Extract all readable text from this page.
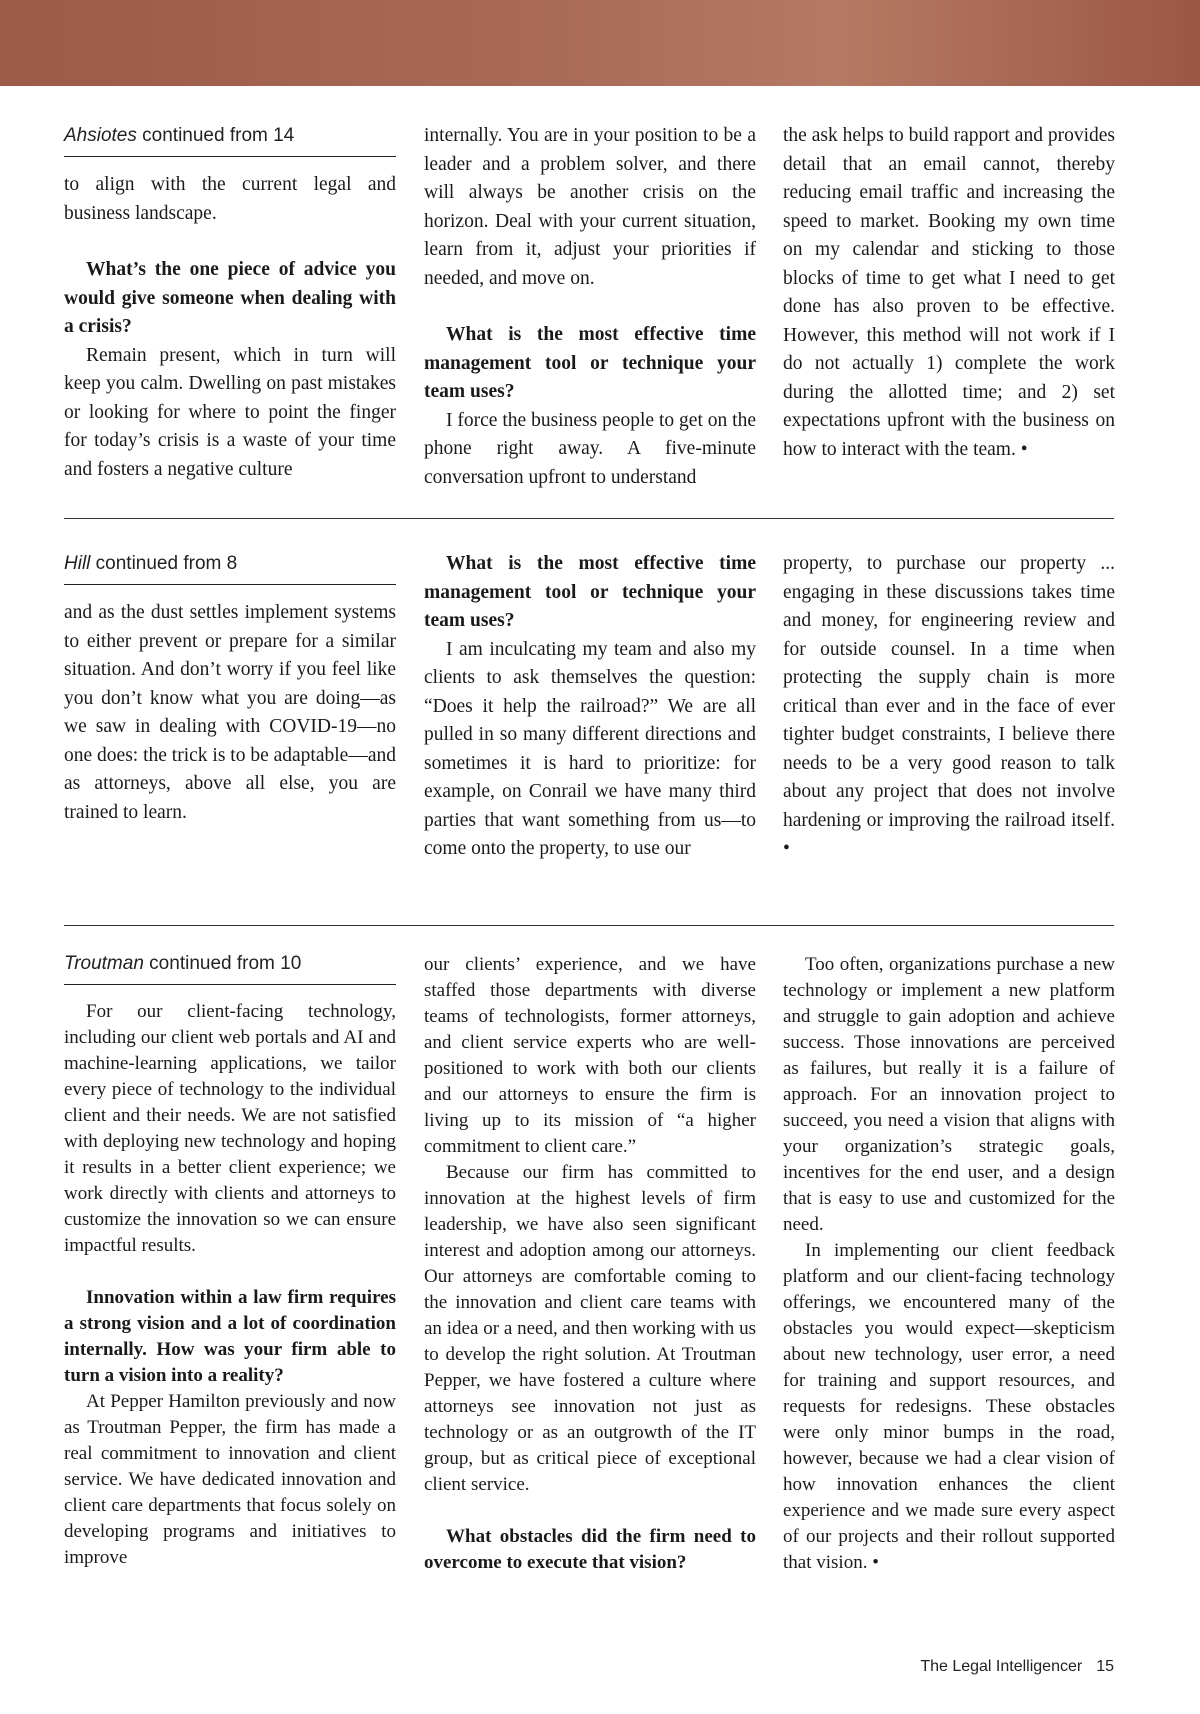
Ahsiotes continued from 14

to align with the current legal and business landscape.

What’s the one piece of advice you would give someone when dealing with a crisis?

Remain present, which in turn will keep you calm. Dwelling on past mistakes or looking for where to point the finger for today’s crisis is a waste of your time and fosters a negative culture

internally. You are in your position to be a leader and a problem solver, and there will always be another crisis on the horizon. Deal with your current situation, learn from it, adjust your priorities if needed, and move on.

What is the most effective time management tool or technique your team uses?

I force the business people to get on the phone right away. A five-minute conversation upfront to understand

the ask helps to build rapport and provides detail that an email cannot, thereby reducing email traffic and increasing the speed to market. Booking my own time on my calendar and sticking to those blocks of time to get what I need to get done has also proven to be effective. However, this method will not work if I do not actually 1) complete the work during the allotted time; and 2) set expectations upfront with the business on how to interact with the team. •

Hill continued from 8

and as the dust settles implement systems to either prevent or prepare for a similar situation. And don’t worry if you feel like you don’t know what you are doing—as we saw in dealing with COVID-19—no one does: the trick is to be adaptable—and as attorneys, above all else, you are trained to learn.

What is the most effective time management tool or technique your team uses?

I am inculcating my team and also my clients to ask themselves the question: “Does it help the railroad?” We are all pulled in so many different directions and sometimes it is hard to prioritize: for example, on Conrail we have many third parties that want something from us—to come onto the property, to use our

property, to purchase our property ... engaging in these discussions takes time and money, for engineering review and for outside counsel. In a time when protecting the supply chain is more critical than ever and in the face of ever tighter budget constraints, I believe there needs to be a very good reason to talk about any project that does not involve hardening or improving the railroad itself. •

Troutman continued from 10

For our client-facing technology, including our client web portals and AI and machine-learning applications, we tailor every piece of technology to the individual client and their needs. We are not satisfied with deploying new technology and hoping it results in a better client experience; we work directly with clients and attorneys to customize the innovation so we can ensure impactful results.

Innovation within a law firm requires a strong vision and a lot of coordination internally. How was your firm able to turn a vision into a reality?

At Pepper Hamilton previously and now as Troutman Pepper, the firm has made a real commitment to innovation and client service. We have dedicated innovation and client care departments that focus solely on developing programs and initiatives to improve

our clients’ experience, and we have staffed those departments with diverse teams of technologists, former attorneys, and client service experts who are well-positioned to work with both our clients and our attorneys to ensure the firm is living up to its mission of “a higher commitment to client care.”

Because our firm has committed to innovation at the highest levels of firm leadership, we have also seen significant interest and adoption among our attorneys. Our attorneys are comfortable coming to the innovation and client care teams with an idea or a need, and then working with us to develop the right solution. At Troutman Pepper, we have fostered a culture where attorneys see innovation not just as technology or as an outgrowth of the IT group, but as critical piece of exceptional client service.

What obstacles did the firm need to overcome to execute that vision?

Too often, organizations purchase a new technology or implement a new platform and struggle to gain adoption and achieve success. Those innovations are perceived as failures, but really it is a failure of approach. For an innovation project to succeed, you need a vision that aligns with your organization’s strategic goals, incentives for the end user, and a design that is easy to use and customized for the need.

In implementing our client feedback platform and our client-facing technology offerings, we encountered many of the obstacles you would expect—skepticism about new technology, user error, a need for training and support resources, and requests for redesigns. These obstacles were only minor bumps in the road, however, because we had a clear vision of how innovation enhances the client experience and we made sure every aspect of our projects and their rollout supported that vision. •

The Legal Intelligencer 15
